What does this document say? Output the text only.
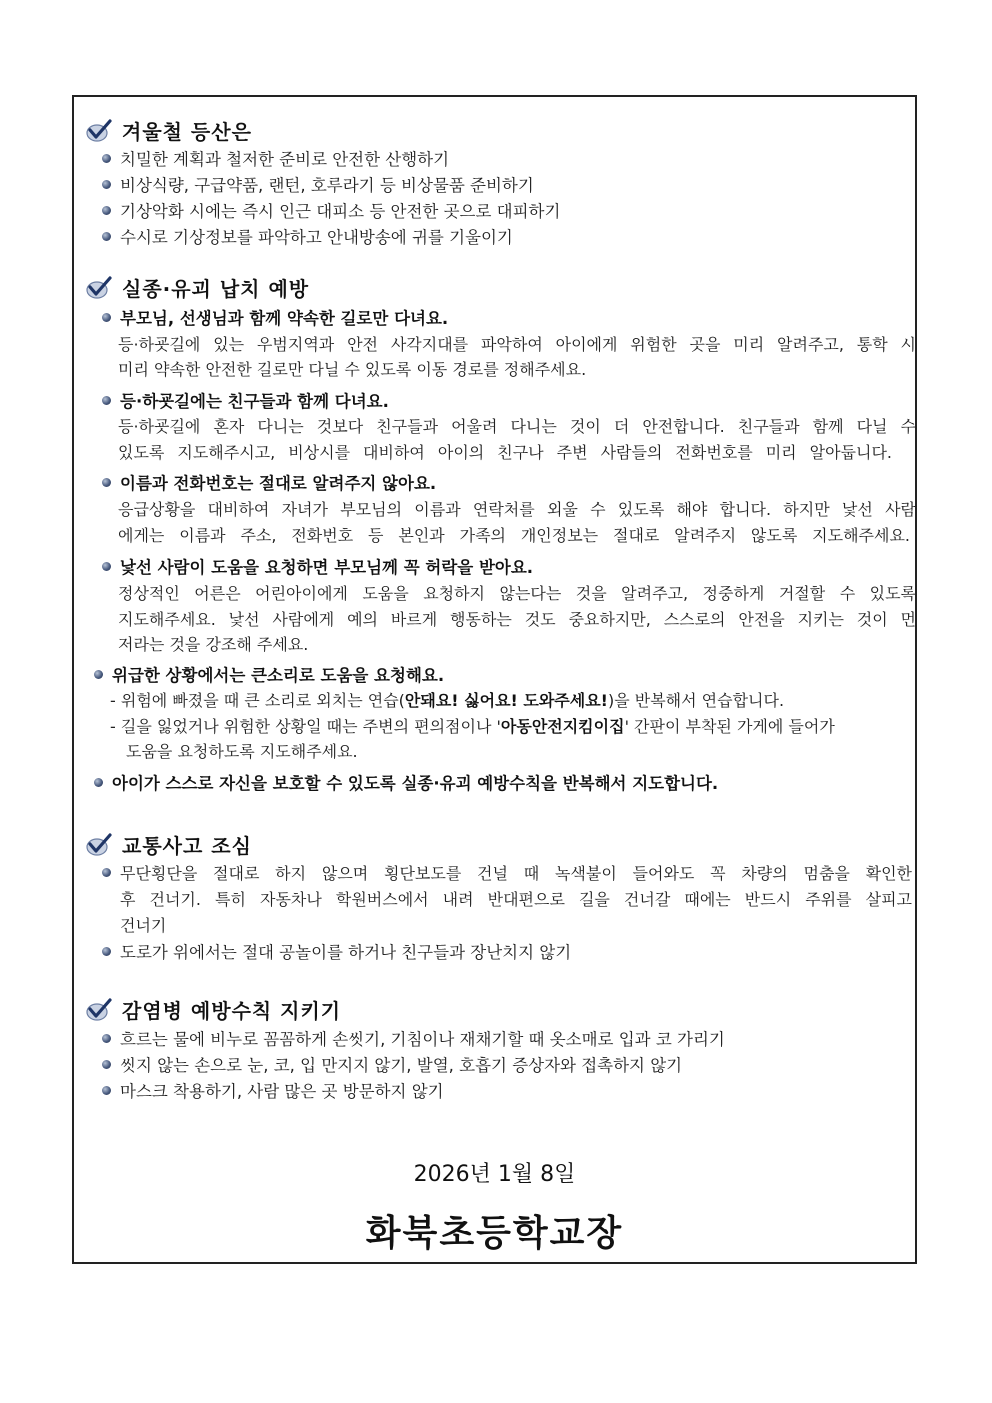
겨울철 등산은
치밀한 계획과 철저한 준비로 안전한 산행하기
비상식량, 구급약품, 랜턴, 호루라기 등 비상물품 준비하기
기상악화 시에는 즉시 인근 대피소 등 안전한 곳으로 대피하기
수시로 기상정보를 파악하고 안내방송에 귀를 기울이기
실종·유괴 납치 예방
부모님, 선생님과 함께 약속한 길로만 다녀요.
등·하굣길에 있는 우범지역과 안전 사각지대를 파악하여 아이에게 위험한 곳을 미리 알려주고, 통학 시
미리 약속한 안전한 길로만 다닐 수 있도록 이동 경로를 정해주세요.
등·하굣길에는 친구들과 함께 다녀요.
등·하굣길에 혼자 다니는 것보다 친구들과 어울려 다니는 것이 더 안전합니다. 친구들과 함께 다닐 수
있도록 지도해주시고, 비상시를 대비하여 아이의 친구나 주변 사람들의 전화번호를 미리 알아둡니다.
이름과 전화번호는 절대로 알려주지 않아요.
응급상황을 대비하여 자녀가 부모님의 이름과 연락처를 외울 수 있도록 해야 합니다. 하지만 낯선 사람
에게는 이름과 주소, 전화번호 등 본인과 가족의 개인정보는 절대로 알려주지 않도록 지도해주세요.
낯선 사람이 도움을 요청하면 부모님께 꼭 허락을 받아요.
정상적인 어른은 어린아이에게 도움을 요청하지 않는다는 것을 알려주고, 정중하게 거절할 수 있도록
지도해주세요. 낯선 사람에게 예의 바르게 행동하는 것도 중요하지만, 스스로의 안전을 지키는 것이 먼
저라는 것을 강조해 주세요.
위급한 상황에서는 큰소리로 도움을 요청해요.
- 위험에 빠졌을 때 큰 소리로 외치는 연습(안돼요! 싫어요! 도와주세요!)을 반복해서 연습합니다.
- 길을 잃었거나 위험한 상황일 때는 주변의 편의점이나 '아동안전지킴이집' 간판이 부착된 가게에 들어가
도움을 요청하도록 지도해주세요.
아이가 스스로 자신을 보호할 수 있도록 실종·유괴 예방수칙을 반복해서 지도합니다.
교통사고 조심
무단횡단을 절대로 하지 않으며 횡단보도를 건널 때 녹색불이 들어와도 꼭 차량의 멈춤을 확인한
후 건너기. 특히 자동차나 학원버스에서 내려 반대편으로 길을 건너갈 때에는 반드시 주위를 살피고
건너기
도로가 위에서는 절대 공놀이를 하거나 친구들과 장난치지 않기
감염병 예방수칙 지키기
흐르는 물에 비누로 꼼꼼하게 손씻기, 기침이나 재채기할 때 옷소매로 입과 코 가리기
씻지 않는 손으로 눈, 코, 입 만지지 않기, 발열, 호흡기 증상자와 접촉하지 않기
마스크 착용하기, 사람 많은 곳 방문하지 않기
2026년 1월 8일
화북초등학교장
